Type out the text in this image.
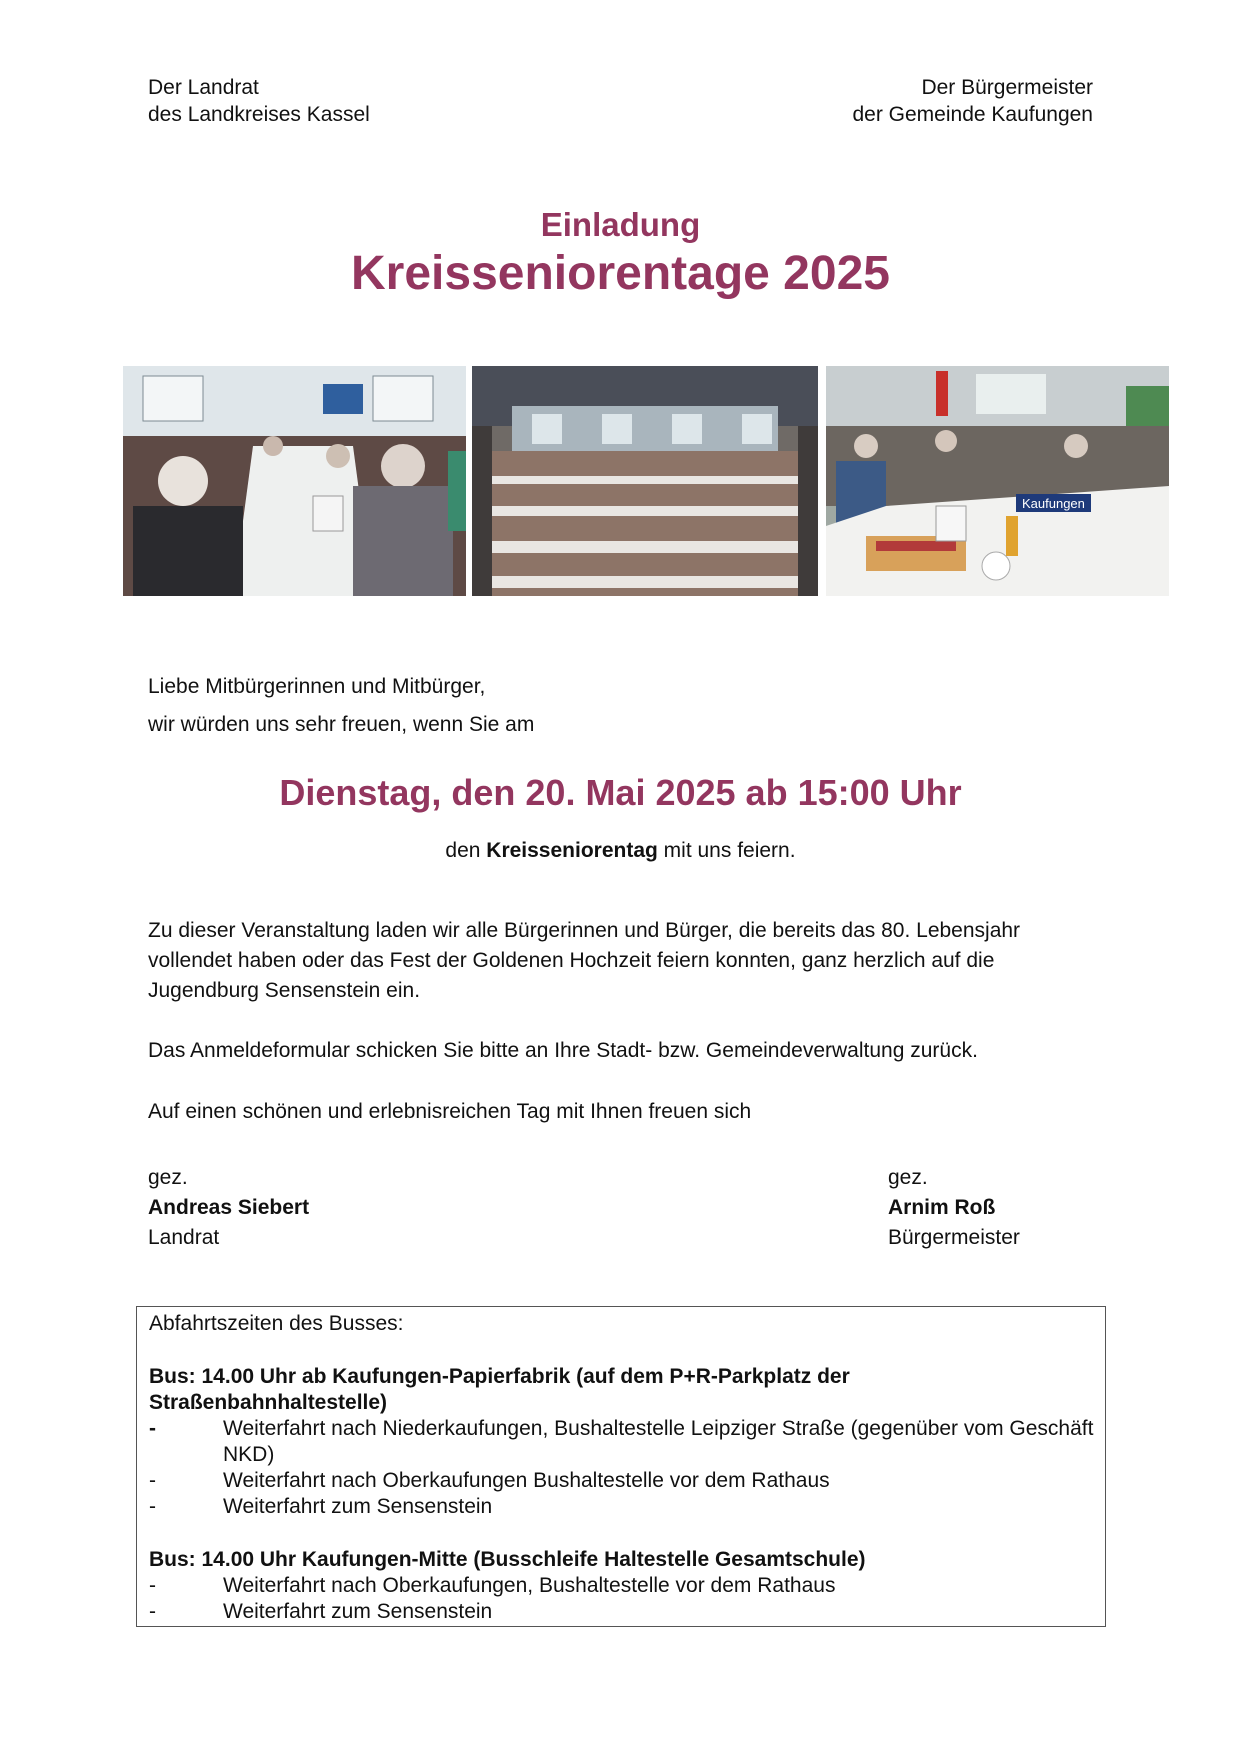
Der Landrat
des Landkreises Kassel
Der Bürgermeister
der Gemeinde Kaufungen
Einladung
Kreisseniorentage 2025
Kaufungen
Liebe Mitbürgerinnen und Mitbürger,
wir würden uns sehr freuen, wenn Sie am
Dienstag, den 20. Mai 2025 ab 15:00 Uhr
den Kreisseniorentag mit uns feiern.
Zu dieser Veranstaltung laden wir alle Bürgerinnen und Bürger, die bereits das 80. Lebensjahr vollendet haben oder das Fest der Goldenen Hochzeit feiern konnten, ganz herzlich auf die Jugendburg Sensenstein ein.
Das Anmeldeformular schicken Sie bitte an Ihre Stadt- bzw. Gemeindeverwaltung zurück.
Auf einen schönen und erlebnisreichen Tag mit Ihnen freuen sich
gez.
Andreas Siebert
Landrat
gez.
Arnim Roß
Bürgermeister
Abfahrtszeiten des Busses:
Bus: 14.00 Uhr ab Kaufungen-Papierfabrik (auf dem P+R-Parkplatz der Straßenbahnhaltestelle)
-	Weiterfahrt nach Niederkaufungen, Bushaltestelle Leipziger Straße (gegenüber vom Geschäft NKD)
-	Weiterfahrt nach Oberkaufungen Bushaltestelle vor dem Rathaus
-	Weiterfahrt zum Sensenstein
Bus: 14.00 Uhr Kaufungen-Mitte (Busschleife Haltestelle Gesamtschule)
-	Weiterfahrt nach Oberkaufungen, Bushaltestelle vor dem Rathaus
-	Weiterfahrt zum Sensenstein
